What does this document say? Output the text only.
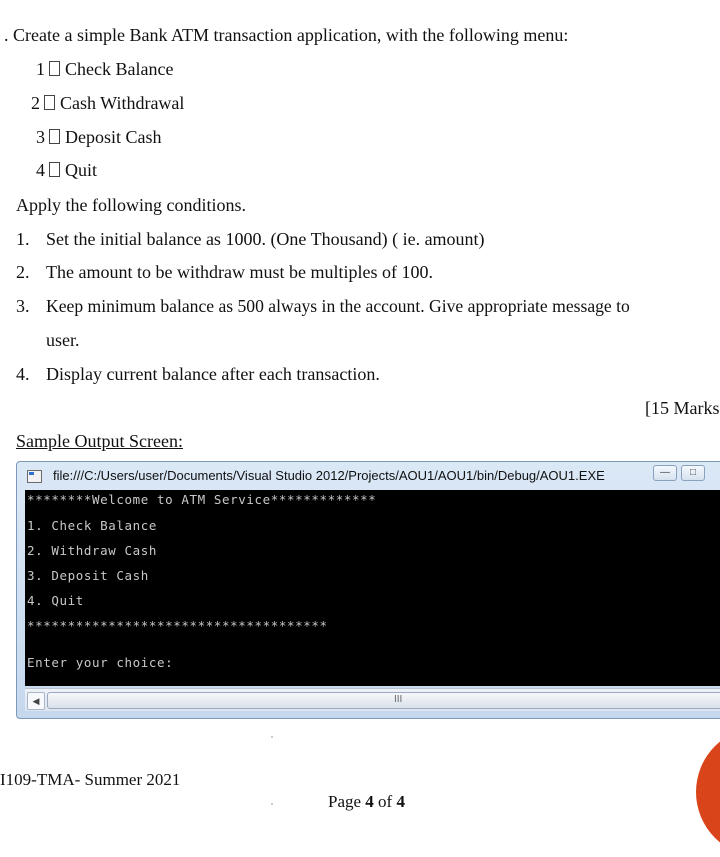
. Create a simple Bank ATM transaction application, with the following menu:
1 Check Balance
2 Cash Withdrawal
3 Deposit Cash
4 Quit
Apply the following conditions.
1. Set the initial balance as 1000. (One Thousand) ( ie. amount)
2. The amount to be withdraw must be multiples of 100.
3. Keep minimum balance as 500 always in the account. Give appropriate message to
user.
4. Display current balance after each transaction.
[15 Marks
Sample Output Screen:
file:///C:/Users/user/Documents/Visual Studio 2012/Projects/AOU1/AOU1/bin/Debug/AOU1.EXE	—	□
********Welcome to ATM Service*************
1. Check Balance
2. Withdraw Cash
3. Deposit Cash
4. Quit
*************************************
Enter your choice:
◀	III
I109-TMA- Summer 2021
Page 4 of 4
